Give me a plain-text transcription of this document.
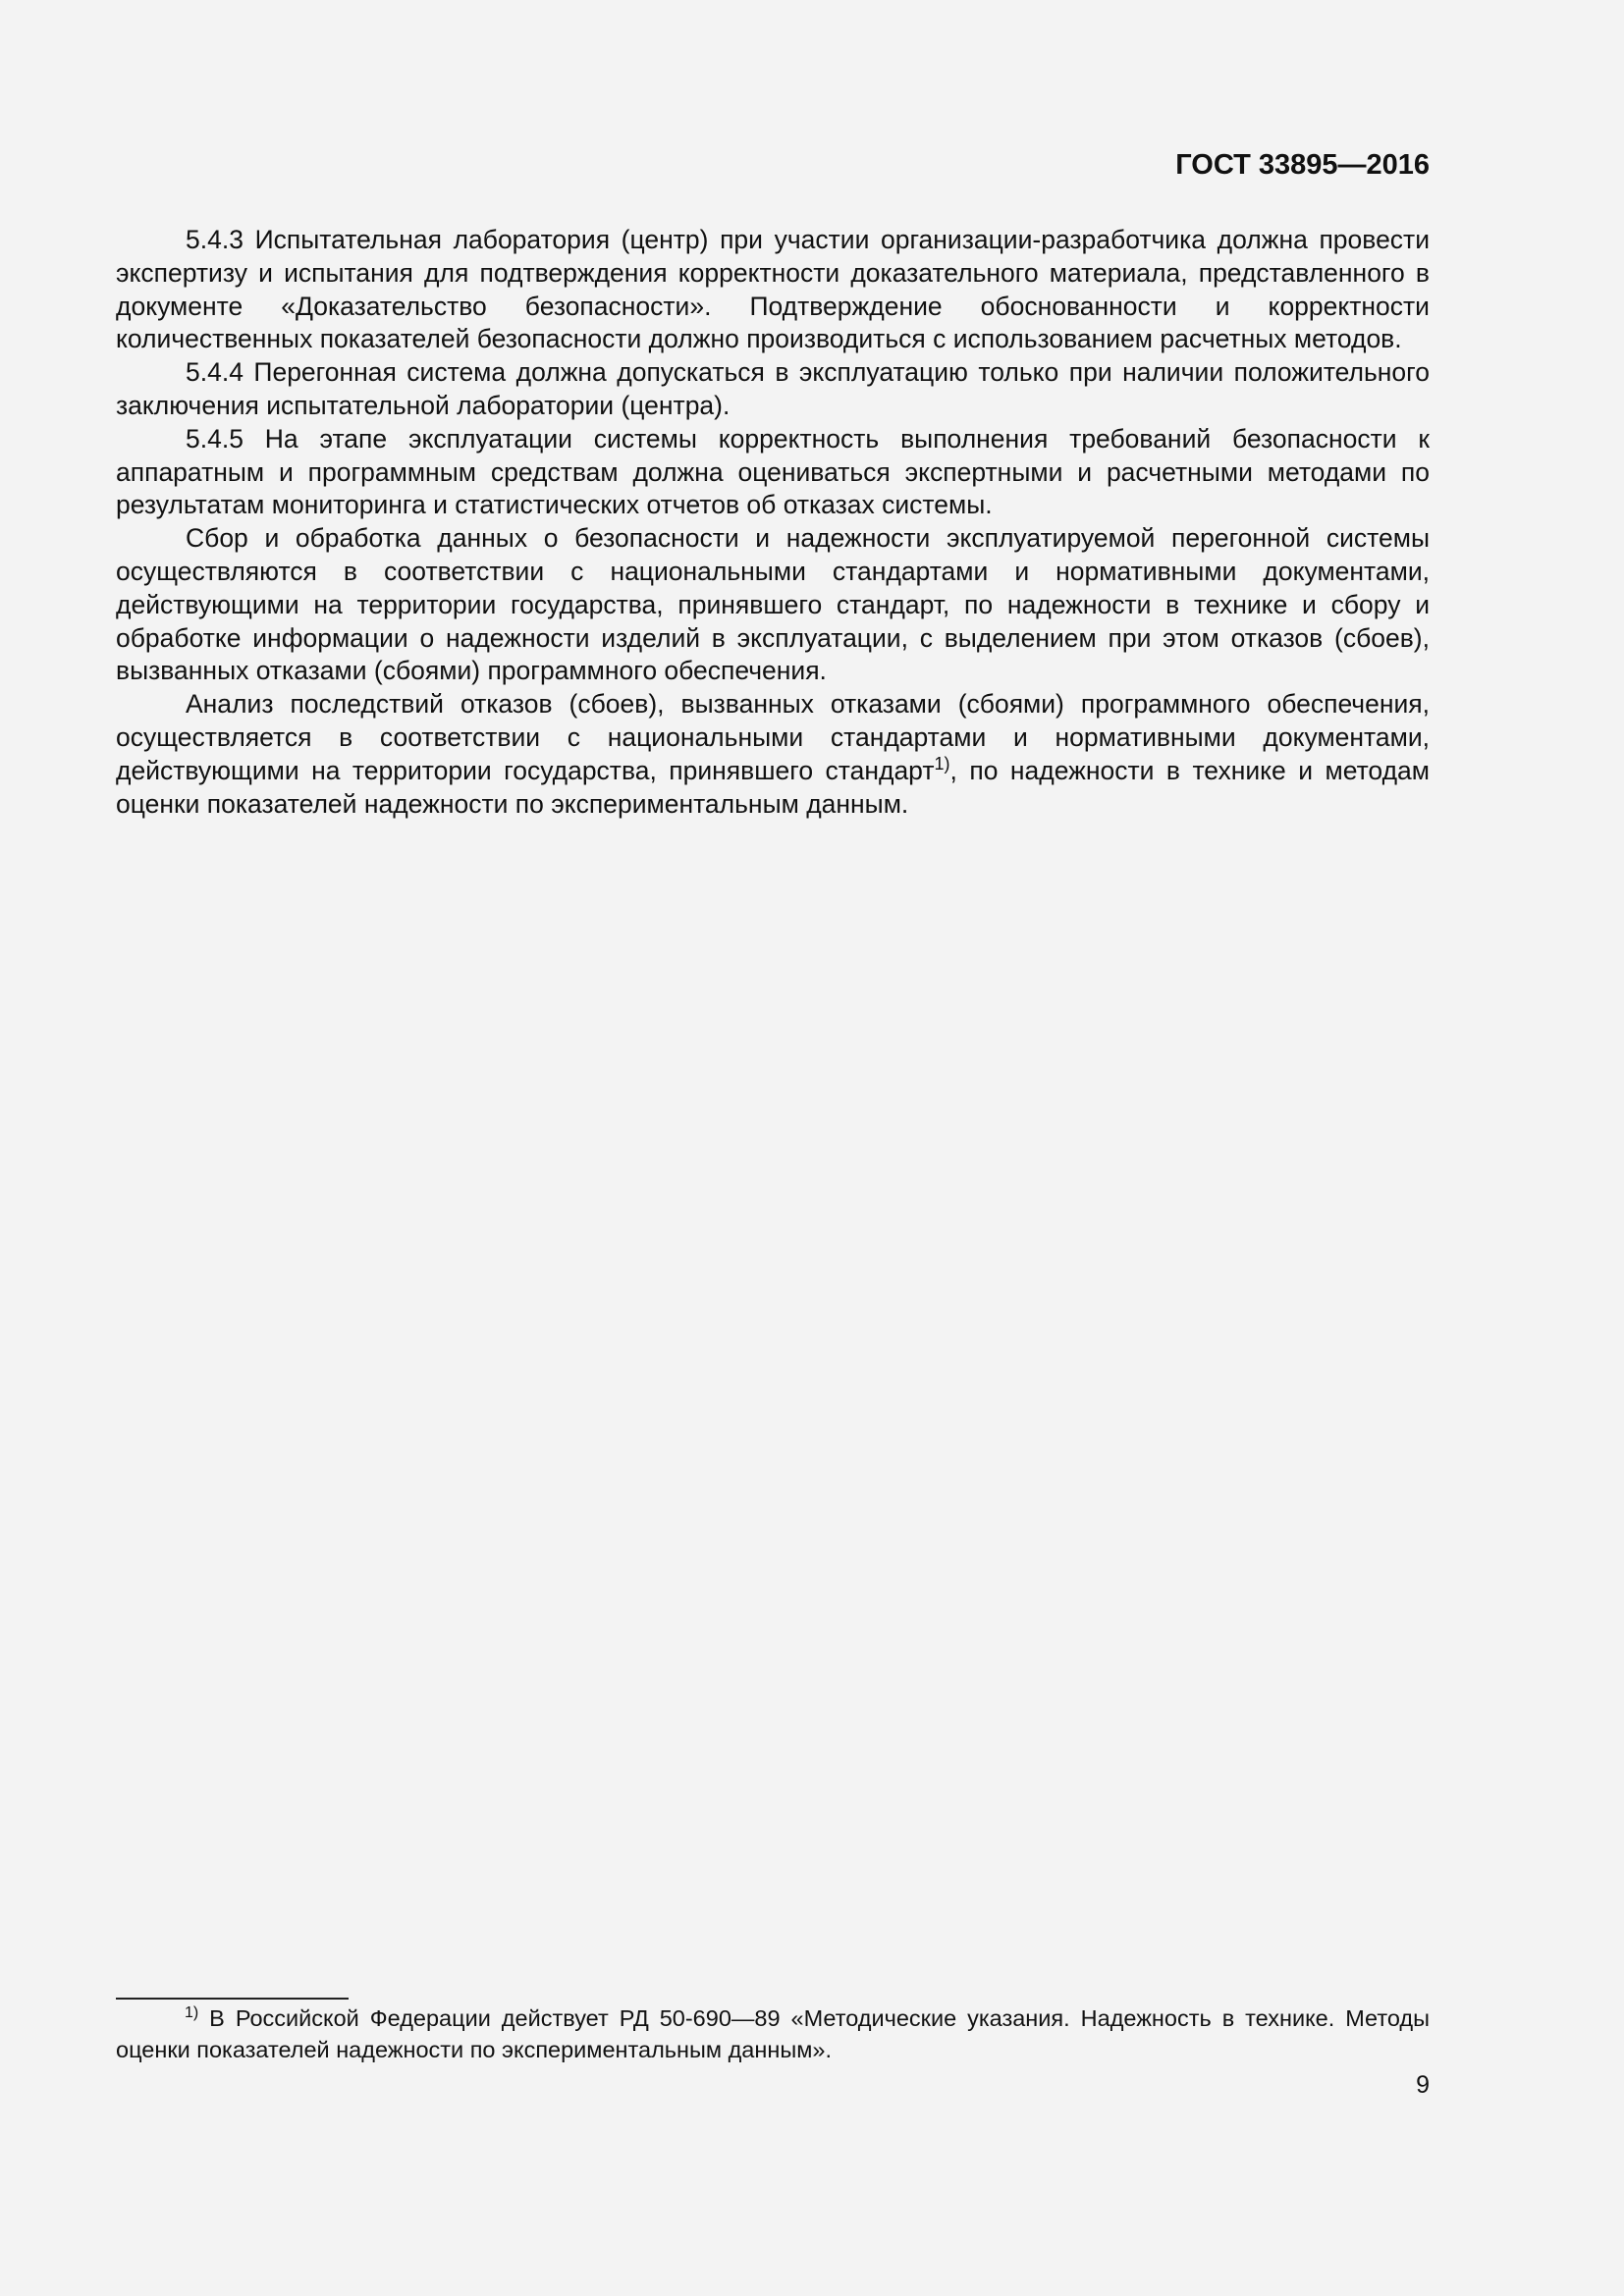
ГОСТ 33895—2016

5.4.3 Испытательная лаборатория (центр) при участии организации-разработчика должна провести экспертизу и испытания для подтверждения корректности доказательного материала, представленного в документе «Доказательство безопасности». Подтверждение обоснованности и корректности количественных показателей безопасности должно производиться с использованием расчетных методов.

5.4.4 Перегонная система должна допускаться в эксплуатацию только при наличии положительного заключения испытательной лаборатории (центра).

5.4.5 На этапе эксплуатации системы корректность выполнения требований безопасности к аппаратным и программным средствам должна оцениваться экспертными и расчетными методами по результатам мониторинга и статистических отчетов об отказах системы.

Сбор и обработка данных о безопасности и надежности эксплуатируемой перегонной системы осуществляются в соответствии с национальными стандартами и нормативными документами, действующими на территории государства, принявшего стандарт, по надежности в технике и сбору и обработке информации о надежности изделий в эксплуатации, с выделением при этом отказов (сбоев), вызванных отказами (сбоями) программного обеспечения.

Анализ последствий отказов (сбоев), вызванных отказами (сбоями) программного обеспечения, осуществляется в соответствии с национальными стандартами и нормативными документами, действующими на территории государства, принявшего стандарт$^{1)}$, по надежности в технике и методам оценки показателей надежности по экспериментальным данным.

$^{1)}$ В Российской Федерации действует РД 50-690—89 «Методические указания. Надежность в технике. Методы оценки показателей надежности по экспериментальным данным».

9
